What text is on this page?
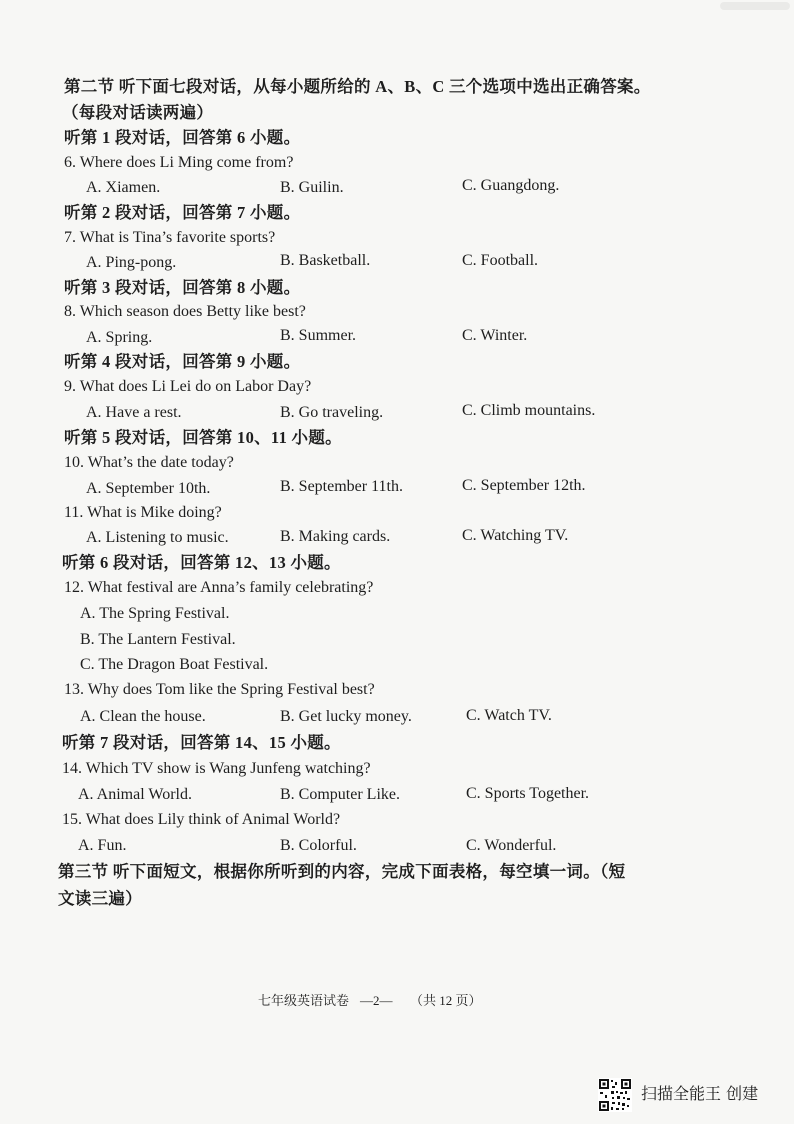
第二节 听下面七段对话，从每小题所给的 A、B、C 三个选项中选出正确答案。
（每段对话读两遍）
听第 1 段对话，回答第 6 小题。
6. Where does Li Ming come from?
A. Xiamen.	B. Guilin.	C. Guangdong.
听第 2 段对话，回答第 7 小题。
7. What is Tina’s favorite sports?
A. Ping-pong.	B. Basketball.	C. Football.
听第 3 段对话，回答第 8 小题。
8. Which season does Betty like best?
A. Spring.	B. Summer.	C. Winter.
听第 4 段对话，回答第 9 小题。
9. What does Li Lei do on Labor Day?
A. Have a rest.	B. Go traveling.	C. Climb mountains.
听第 5 段对话，回答第 10、11 小题。
10. What’s the date today?
A. September 10th.	B. September 11th.	C. September 12th.
11. What is Mike doing?
A. Listening to music.	B. Making cards.	C. Watching TV.
听第 6 段对话，回答第 12、13 小题。
12. What festival are Anna’s family celebrating?
A. The Spring Festival.
B. The Lantern Festival.
C. The Dragon Boat Festival.
13. Why does Tom like the Spring Festival best?
A. Clean the house.	B. Get lucky money.	C. Watch TV.
听第 7 段对话，回答第 14、15 小题。
14. Which TV show is Wang Junfeng watching?
A. Animal World.	B. Computer Like.	C. Sports Together.
15. What does Lily think of Animal World?
A. Fun.	B. Colorful.	C. Wonderful.
第三节 听下面短文，根据你所听到的内容，完成下面表格，每空填一词。（短
文读三遍）
七年级英语试卷 —2— （共 12 页）
扫描全能王 创建
